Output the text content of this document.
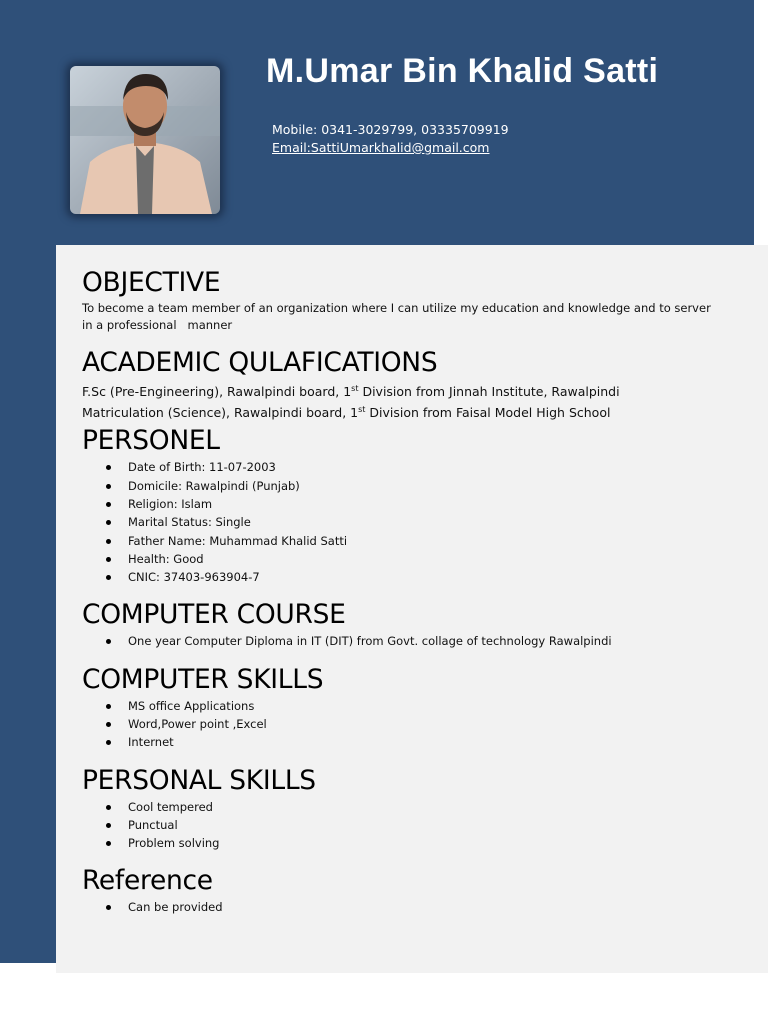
M.Umar Bin Khalid Satti
Mobile: 0341-3029799, 03335709919
Email:SattiUmarkhalid@gmail.com
OBJECTIVE

To become a team member of an organization where I can utilize my education and knowledge and to server

in a professional   manner

ACADEMIC QULAFICATIONS

F.Sc (Pre-Engineering), Rawalpindi board, 1st Division from Jinnah Institute, Rawalpindi

Matriculation (Science), Rawalpindi board, 1st Division from Faisal Model High School

PERSONEL
Date of Birth: 11-07-2003
Domicile: Rawalpindi (Punjab)
Religion: Islam
Marital Status: Single
Father Name: Muhammad Khalid Satti
Health: Good
CNIC: 37403-963904-7
COMPUTER COURSE
One year Computer Diploma in IT (DIT) from Govt. collage of technology Rawalpindi
COMPUTER SKILLS
MS office Applications
Word,Power point ,Excel
Internet
PERSONAL SKILLS
Cool tempered
Punctual
Problem solving
Reference
Can be provided
